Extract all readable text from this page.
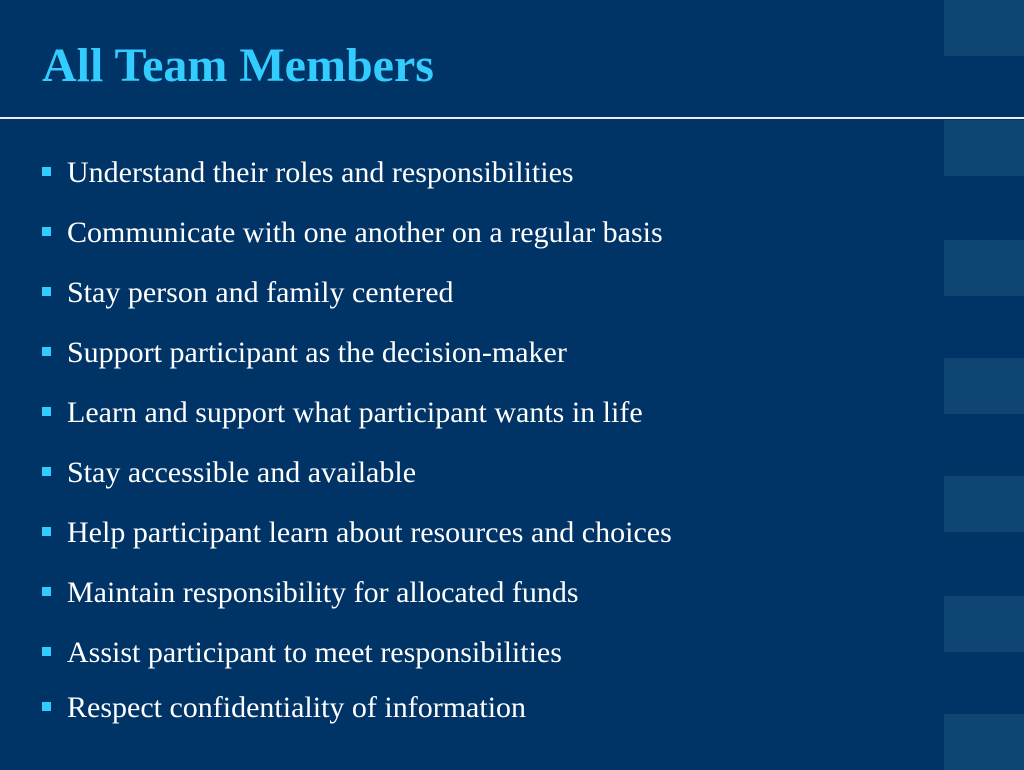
All Team Members
Understand their roles and responsibilities
Communicate with one another on a regular basis
Stay person and family centered
Support participant as the decision-maker
Learn and support what participant wants in life
Stay accessible and available
Help participant learn about resources and choices
Maintain responsibility for allocated funds
Assist participant to meet responsibilities
Respect confidentiality of information
